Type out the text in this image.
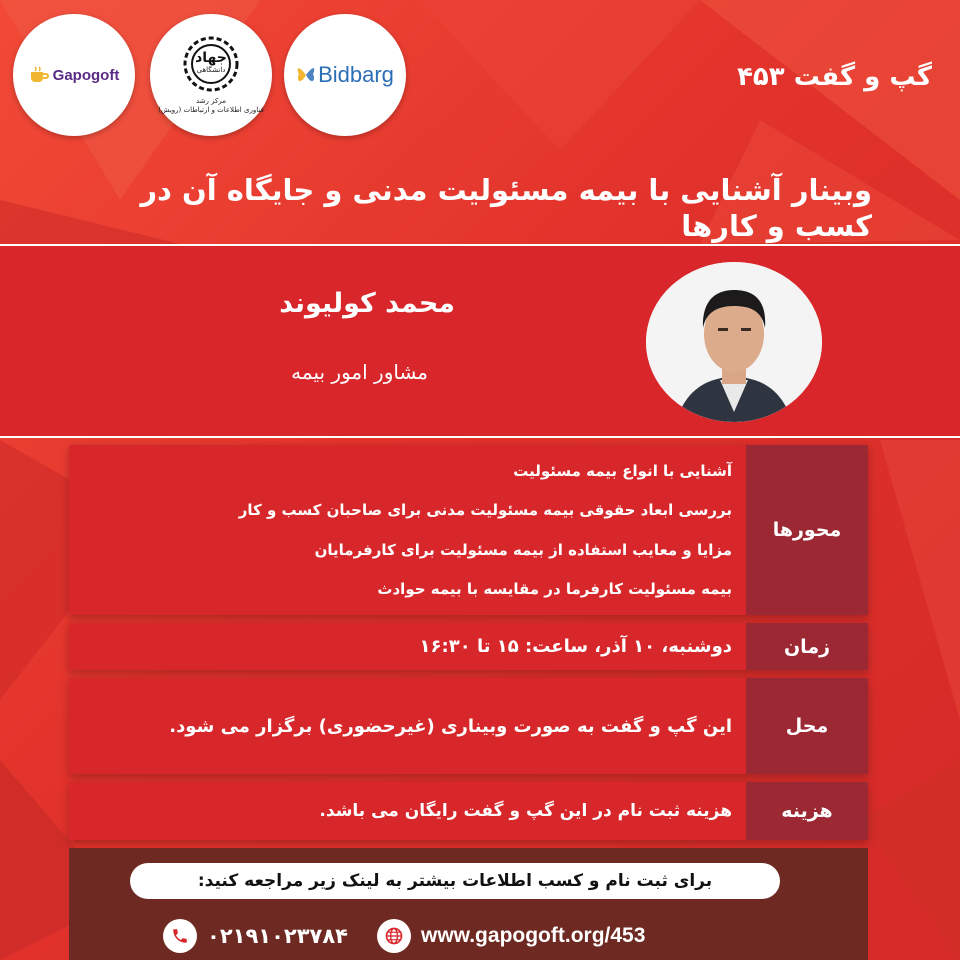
Gapogoft
جهاد
دانشگاهی
مرکز رشد
فناوری اطلاعات و ارتباطات (رویش)
Bidbarg	گپ و گفت ۴۵۳
وبینار آشنایی با بیمه مسئولیت مدنی و جایگاه آن در کسب و کارها
محمد کولیوند
مشاور امور بیمه
محورها
آشنایی با انواع بیمه مسئولیت
بررسی ابعاد حقوقی بیمه مسئولیت مدنی برای صاحبان کسب و کار
مزایا و معایب استفاده از بیمه مسئولیت برای کارفرمایان
بیمه مسئولیت کارفرما در مقایسه با بیمه حوادث
زمان
دوشنبه، ۱۰ آذر، ساعت: ۱۵ تا ۱۶:۳۰
محل
این گپ و گفت به صورت وبیناری (غیرحضوری) برگزار می شود.
هزینه
هزینه ثبت نام در این گپ و گفت رایگان می باشد.
برای ثبت نام و کسب اطلاعات بیشتر به لینک زیر مراجعه کنید:
۰۲۱۹۱۰۲۳۷۸۴	www.gapogoft.org/453
